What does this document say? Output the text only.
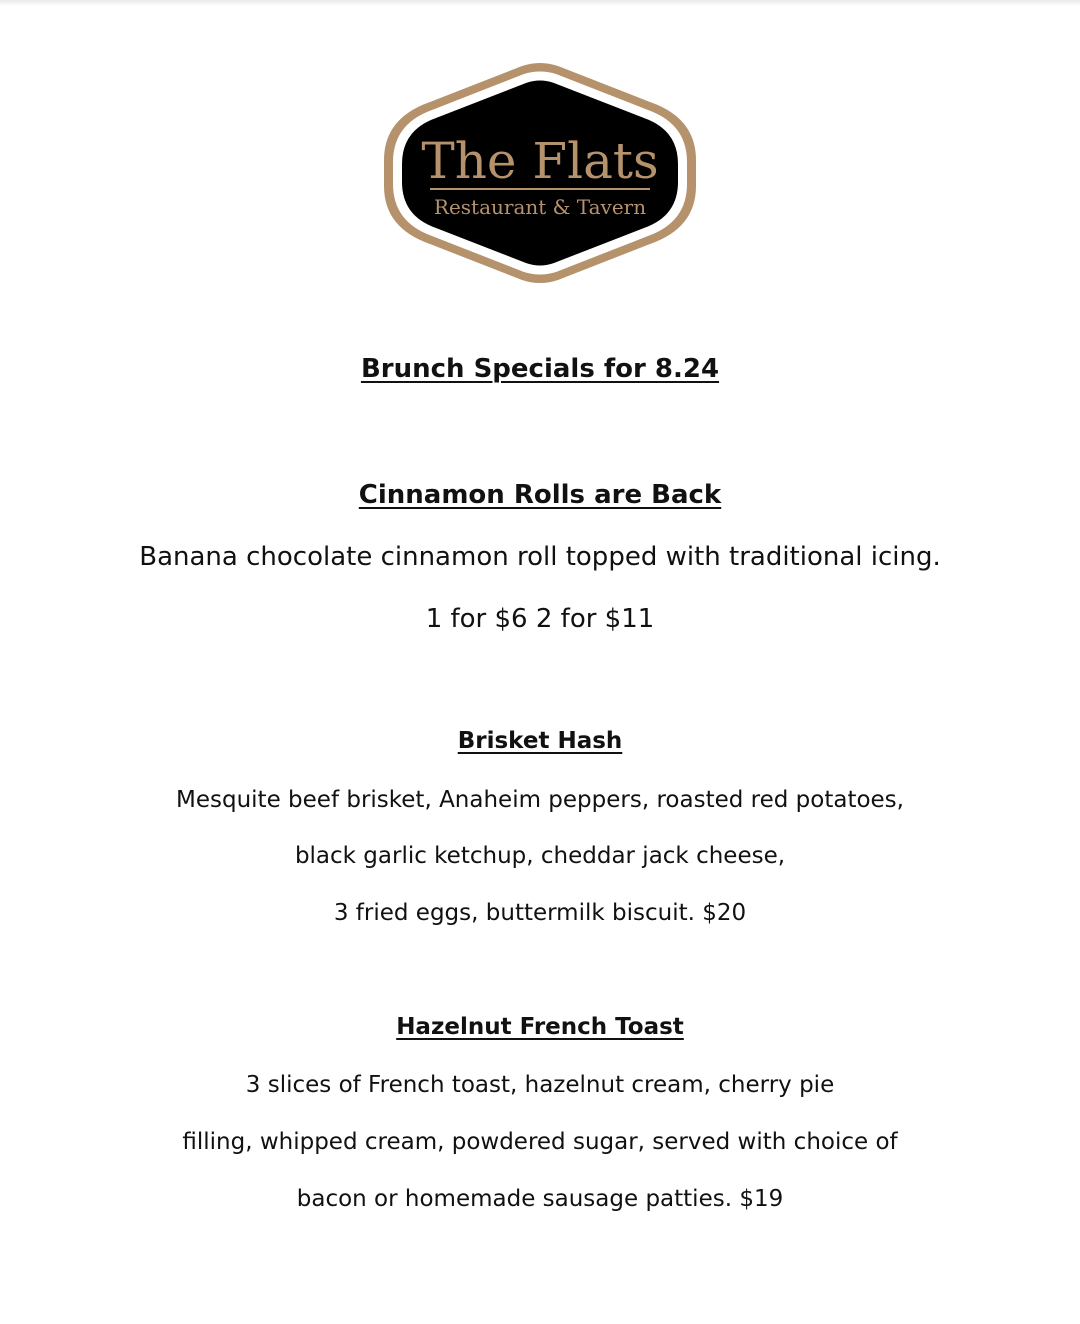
The Flats
Restaurant & Tavern
Brunch Specials for 8.24
Cinnamon Rolls are Back
Banana chocolate cinnamon roll topped with traditional icing.
1 for $6 2 for $11
Brisket Hash
Mesquite beef brisket, Anaheim peppers, roasted red potatoes,
black garlic ketchup, cheddar jack cheese,
3 fried eggs, buttermilk biscuit. $20
Hazelnut French Toast
3 slices of French toast, hazelnut cream, cherry pie
filling, whipped cream, powdered sugar, served with choice of
bacon or homemade sausage patties. $19
